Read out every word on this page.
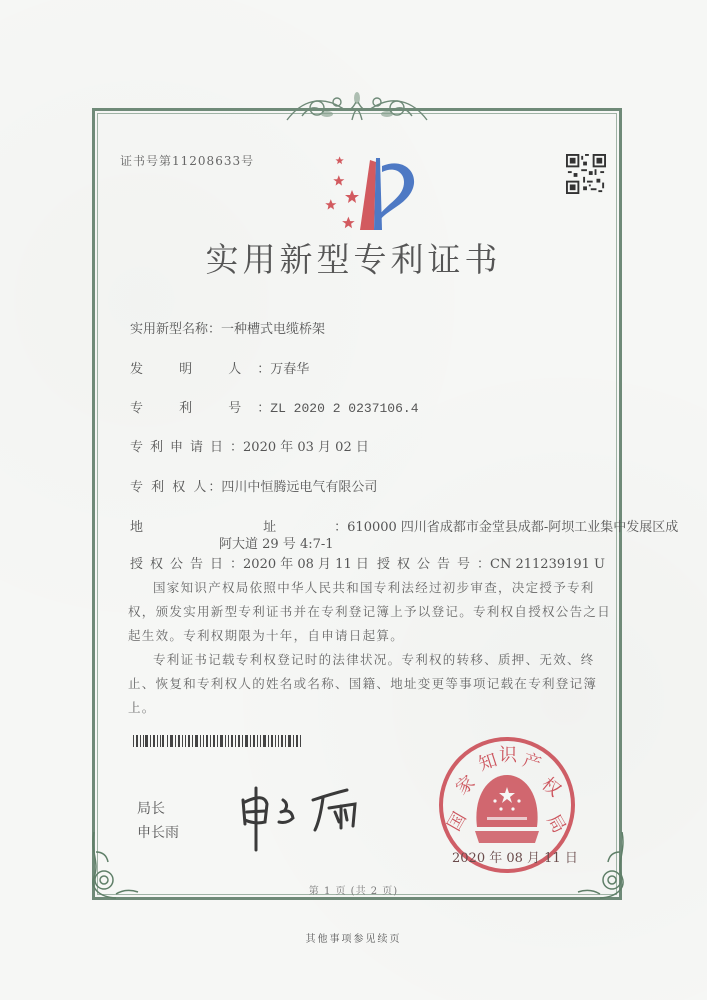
证书号第11208633号
实用新型专利证书
实用新型名称：一种槽式电缆桥架
发 明 人：万春华
专 利 号：ZL 2020 2 0237106.4
专利申请日：2020 年 03 月 02 日
专 利 权 人：四川中恒腾远电气有限公司
地 址：610000 四川省成都市金堂县成都-阿坝工业集中发展区成
阿大道 29 号 4:7-1
授权公告日：2020 年 08 月 11 日 授权公告号：CN 211239191 U
国家知识产权局依照中华人民共和国专利法经过初步审查，决定授予专利权，颁发实用新型专利证书并在专利登记簿上予以登记。专利权自授权公告之日起生效。专利权期限为十年，自申请日起算。
专利证书记载专利权登记时的法律状况。专利权的转移、质押、无效、终止、恢复和专利权人的姓名或名称、国籍、地址变更等事项记载在专利登记簿上。
局长
申长雨	国
家
知 识 产
权
局
2020 年 08 月 11 日
第 1 页 (共 2 页)
其他事项参见续页
